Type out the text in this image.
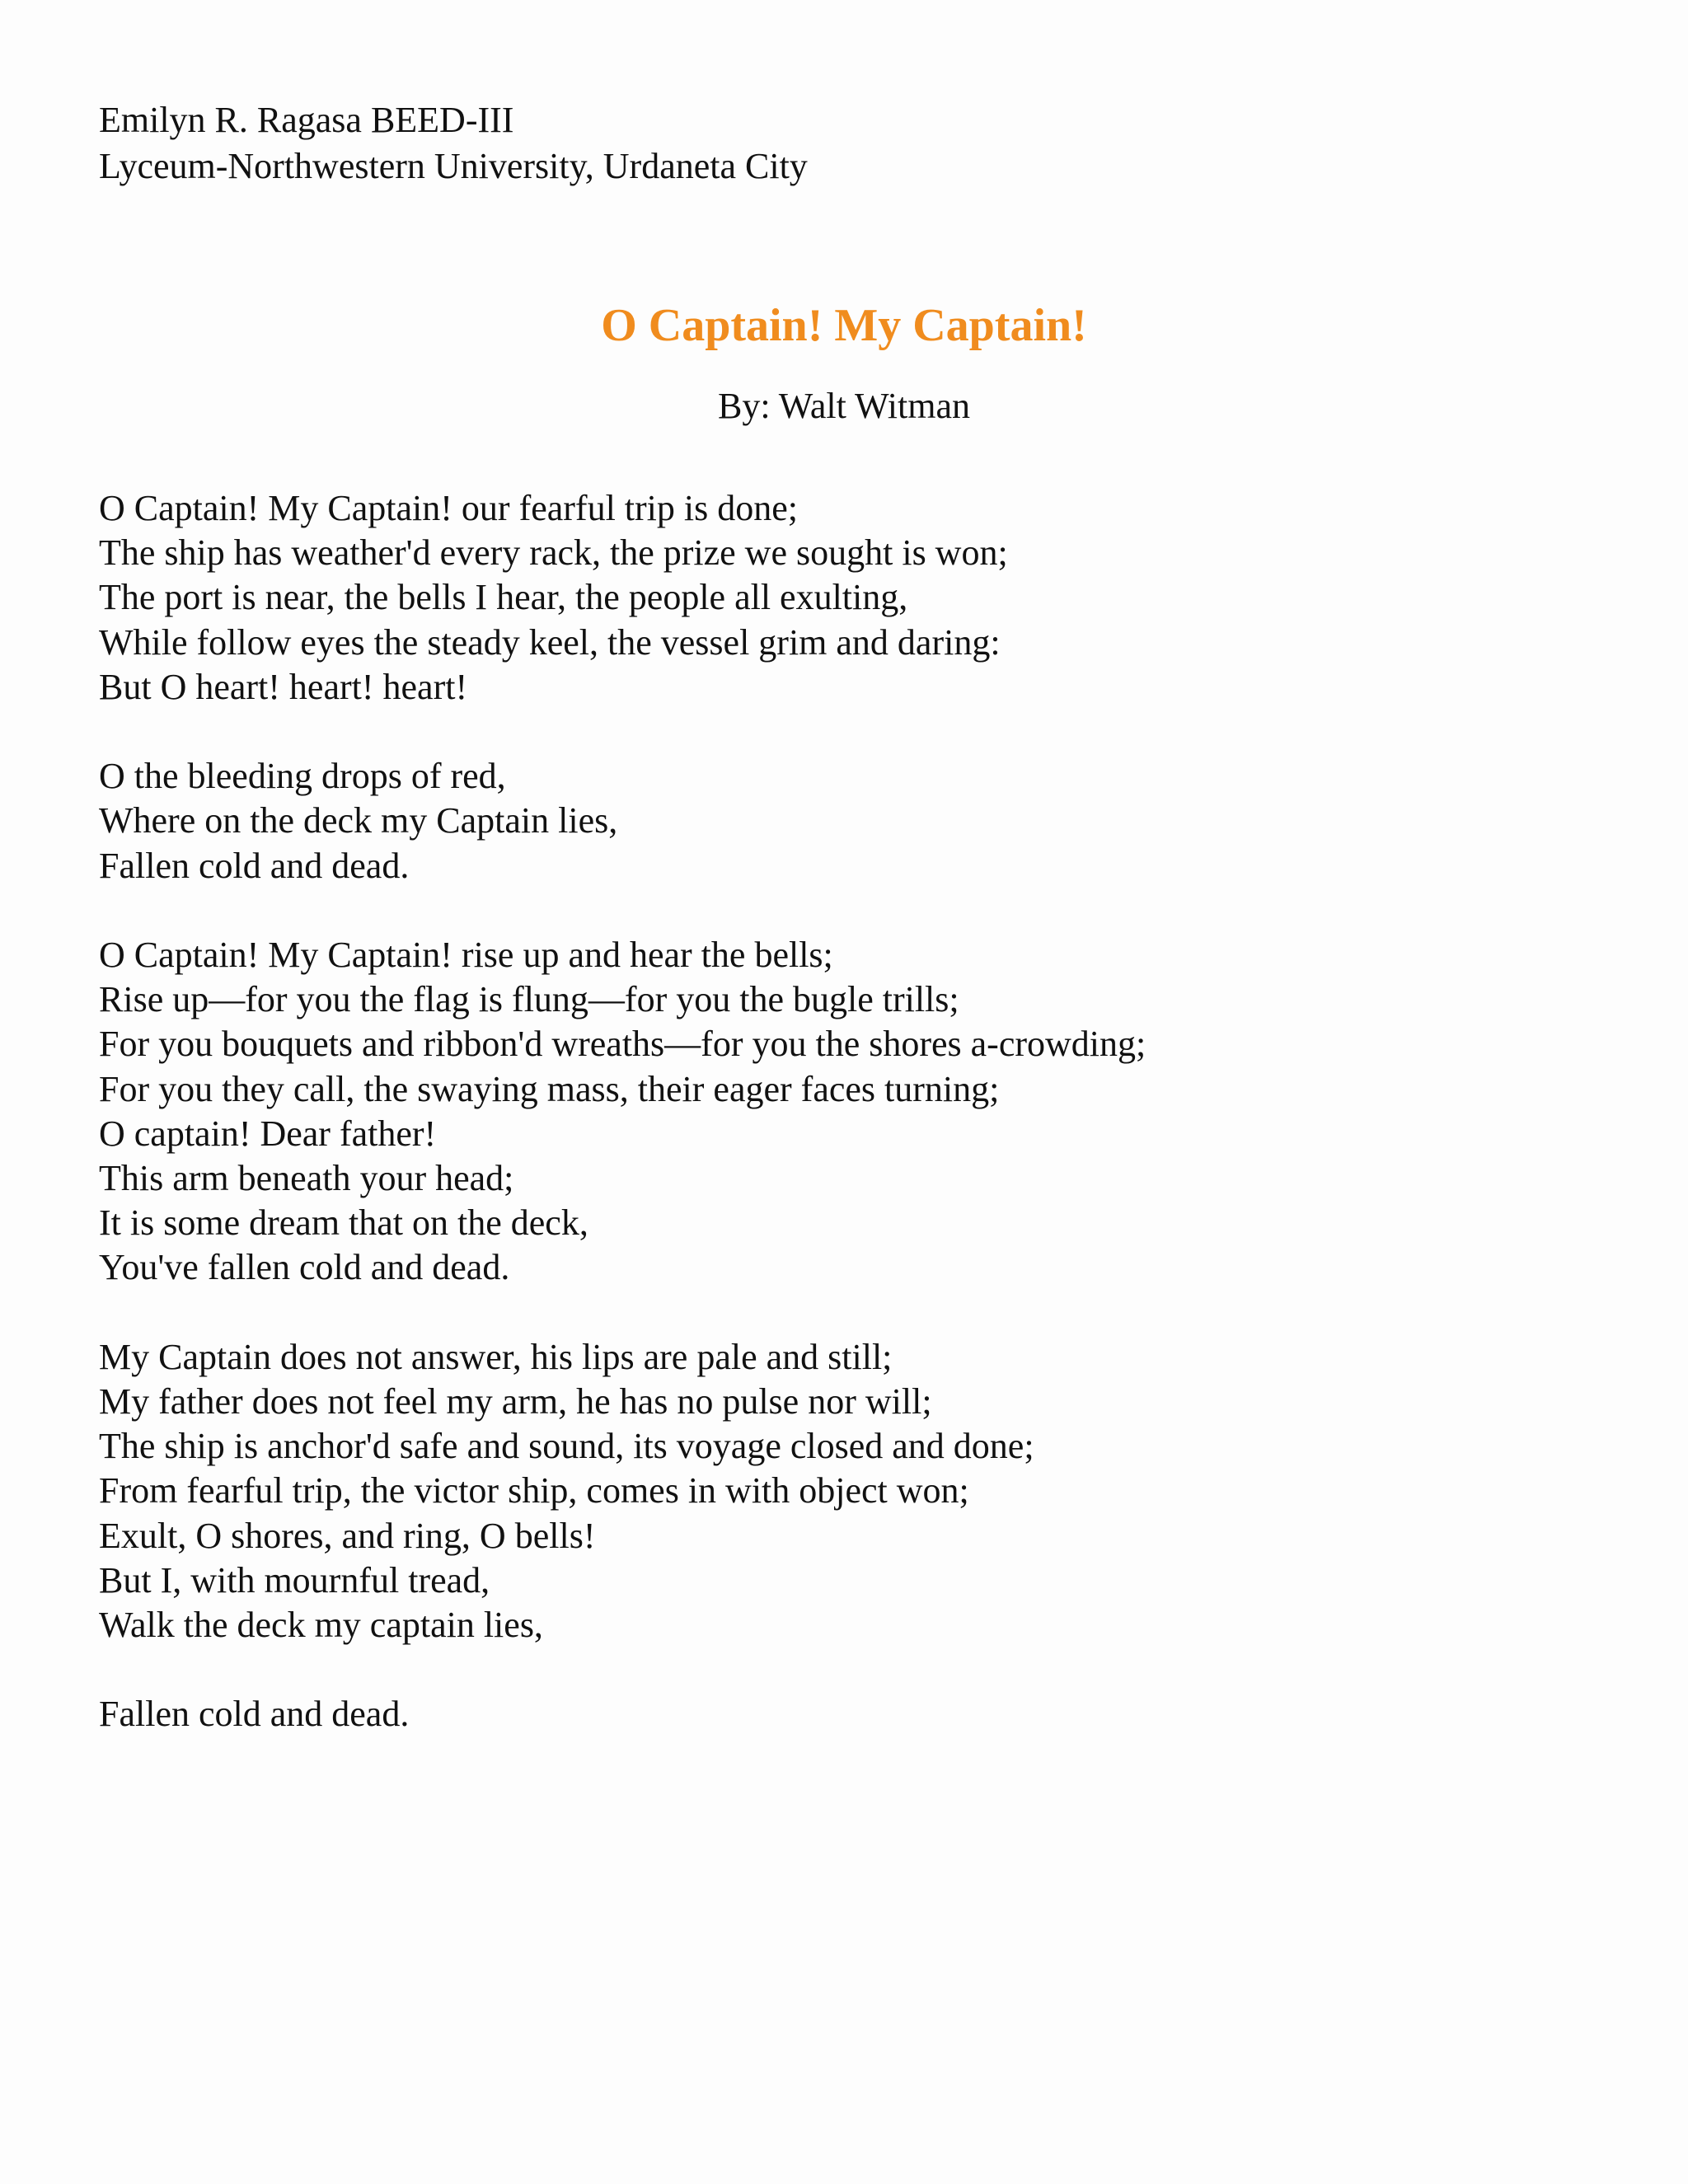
Emilyn R. Ragasa BEED-III
Lyceum-Northwestern University, Urdaneta City
O Captain! My Captain!
By: Walt Witman
O Captain! My Captain! our fearful trip is done;
The ship has weather'd every rack, the prize we sought is won;
The port is near, the bells I hear, the people all exulting,
While follow eyes the steady keel, the vessel grim and daring:
But O heart! heart! heart!
O the bleeding drops of red,
Where on the deck my Captain lies,
Fallen cold and dead.
O Captain! My Captain! rise up and hear the bells;
Rise up—for you the flag is flung—for you the bugle trills;
For you bouquets and ribbon'd wreaths—for you the shores a-crowding;
For you they call, the swaying mass, their eager faces turning;
O captain! Dear father!
This arm beneath your head;
It is some dream that on the deck,
You've fallen cold and dead.
My Captain does not answer, his lips are pale and still;
My father does not feel my arm, he has no pulse nor will;
The ship is anchor'd safe and sound, its voyage closed and done;
From fearful trip, the victor ship, comes in with object won;
Exult, O shores, and ring, O bells!
But I, with mournful tread,
Walk the deck my captain lies,
Fallen cold and dead.
